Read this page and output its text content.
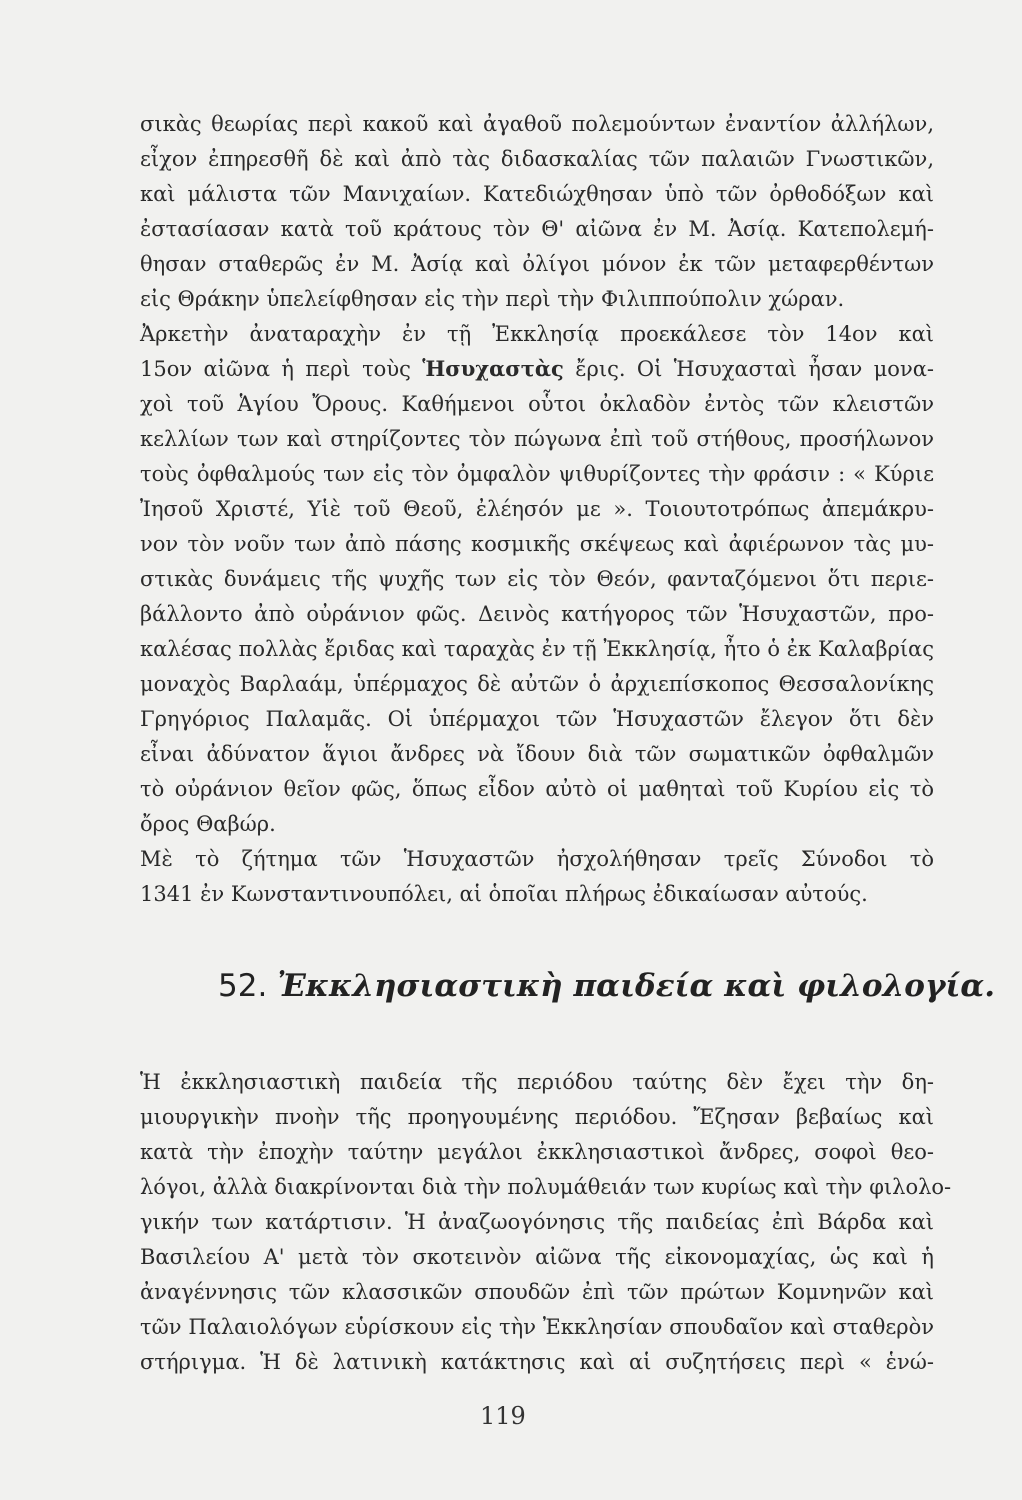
σικὰς θεωρίας περὶ κακοῦ καὶ ἀγαθοῦ πολεμούντων ἐναντίον ἀλλήλων,
εἶχον ἐπηρεσθῆ δὲ καὶ ἀπὸ τὰς διδασκαλίας τῶν παλαιῶν Γνωστικῶν,
καὶ μάλιστα τῶν Μανιχαίων. Κατεδιώχθησαν ὑπὸ τῶν ὀρθοδόξων καὶ
ἐστασίασαν κατὰ τοῦ κράτους τὸν Θ' αἰῶνα ἐν Μ. Ἀσίᾳ. Κατεπολεμή-
θησαν σταθερῶς ἐν Μ. Ἀσίᾳ καὶ ὀλίγοι μόνον ἐκ τῶν μεταφερθέντων
εἰς Θράκην ὑπελείφθησαν εἰς τὴν περὶ τὴν Φιλιππούπολιν χώραν.
Ἀρκετὴν ἀναταραχὴν ἐν τῇ Ἐκκλησίᾳ προεκάλεσε τὸν 14ον καὶ
15ον αἰῶνα ἡ περὶ τοὺς Ἡσυχαστὰς ἔρις. Οἱ Ἡσυχασταὶ ἦσαν μονα-
χοὶ τοῦ Ἁγίου Ὄρους. Καθήμενοι οὗτοι ὀκλαδὸν ἐντὸς τῶν κλειστῶν
κελλίων των καὶ στηρίζοντες τὸν πώγωνα ἐπὶ τοῦ στήθους, προσήλωνον
τοὺς ὀφθαλμούς των εἰς τὸν ὀμφαλὸν ψιθυρίζοντες τὴν φράσιν : « Κύριε
Ἰησοῦ Χριστέ, Υἱὲ τοῦ Θεοῦ, ἐλέησόν με ». Τοιουτοτρόπως ἀπεμάκρυ-
νον τὸν νοῦν των ἀπὸ πάσης κοσμικῆς σκέψεως καὶ ἀφιέρωνον τὰς μυ-
στικὰς δυνάμεις τῆς ψυχῆς των εἰς τὸν Θεόν, φανταζόμενοι ὅτι περιε-
βάλλοντο ἀπὸ οὐράνιον φῶς. Δεινὸς κατήγορος τῶν Ἡσυχαστῶν, προ-
καλέσας πολλὰς ἔριδας καὶ ταραχὰς ἐν τῇ Ἐκκλησίᾳ, ἦτο ὁ ἐκ Καλαβρίας
μοναχὸς Βαρλαάμ, ὑπέρμαχος δὲ αὐτῶν ὁ ἀρχιεπίσκοπος Θεσσαλονίκης
Γρηγόριος Παλαμᾶς. Οἱ ὑπέρμαχοι τῶν Ἡσυχαστῶν ἔλεγον ὅτι δὲν
εἶναι ἀδύνατον ἅγιοι ἄνδρες νὰ ἴδουν διὰ τῶν σωματικῶν ὀφθαλμῶν
τὸ οὐράνιον θεῖον φῶς, ὅπως εἶδον αὐτὸ οἱ μαθηταὶ τοῦ Κυρίου εἰς τὸ
ὄρος Θαβώρ.
Μὲ τὸ ζήτημα τῶν Ἡσυχαστῶν ἠσχολήθησαν τρεῖς Σύνοδοι τὸ
1341 ἐν Κωνσταντινουπόλει, αἱ ὁποῖαι πλήρως ἐδικαίωσαν αὐτούς.
52. Ἐκκλησιαστικὴ παιδεία καὶ φιλολογία.
Ἡ ἐκκλησιαστικὴ παιδεία τῆς περιόδου ταύτης δὲν ἔχει τὴν δη-
μιουργικὴν πνοὴν τῆς προηγουμένης περιόδου. Ἔζησαν βεβαίως καὶ
κατὰ τὴν ἐποχὴν ταύτην μεγάλοι ἐκκλησιαστικοὶ ἄνδρες, σοφοὶ θεο-
λόγοι, ἀλλὰ διακρίνονται διὰ τὴν πολυμάθειάν των κυρίως καὶ τὴν φιλολο-
γικήν των κατάρτισιν. Ἡ ἀναζωογόνησις τῆς παιδείας ἐπὶ Βάρδα καὶ
Βασιλείου Α' μετὰ τὸν σκοτεινὸν αἰῶνα τῆς εἰκονομαχίας, ὡς καὶ ἡ
ἀναγέννησις τῶν κλασσικῶν σπουδῶν ἐπὶ τῶν πρώτων Κομνηνῶν καὶ
τῶν Παλαιολόγων εὑρίσκουν εἰς τὴν Ἐκκλησίαν σπουδαῖον καὶ σταθερὸν
στήριγμα. Ἡ δὲ λατινικὴ κατάκτησις καὶ αἱ συζητήσεις περὶ « ἑνώ-
119
